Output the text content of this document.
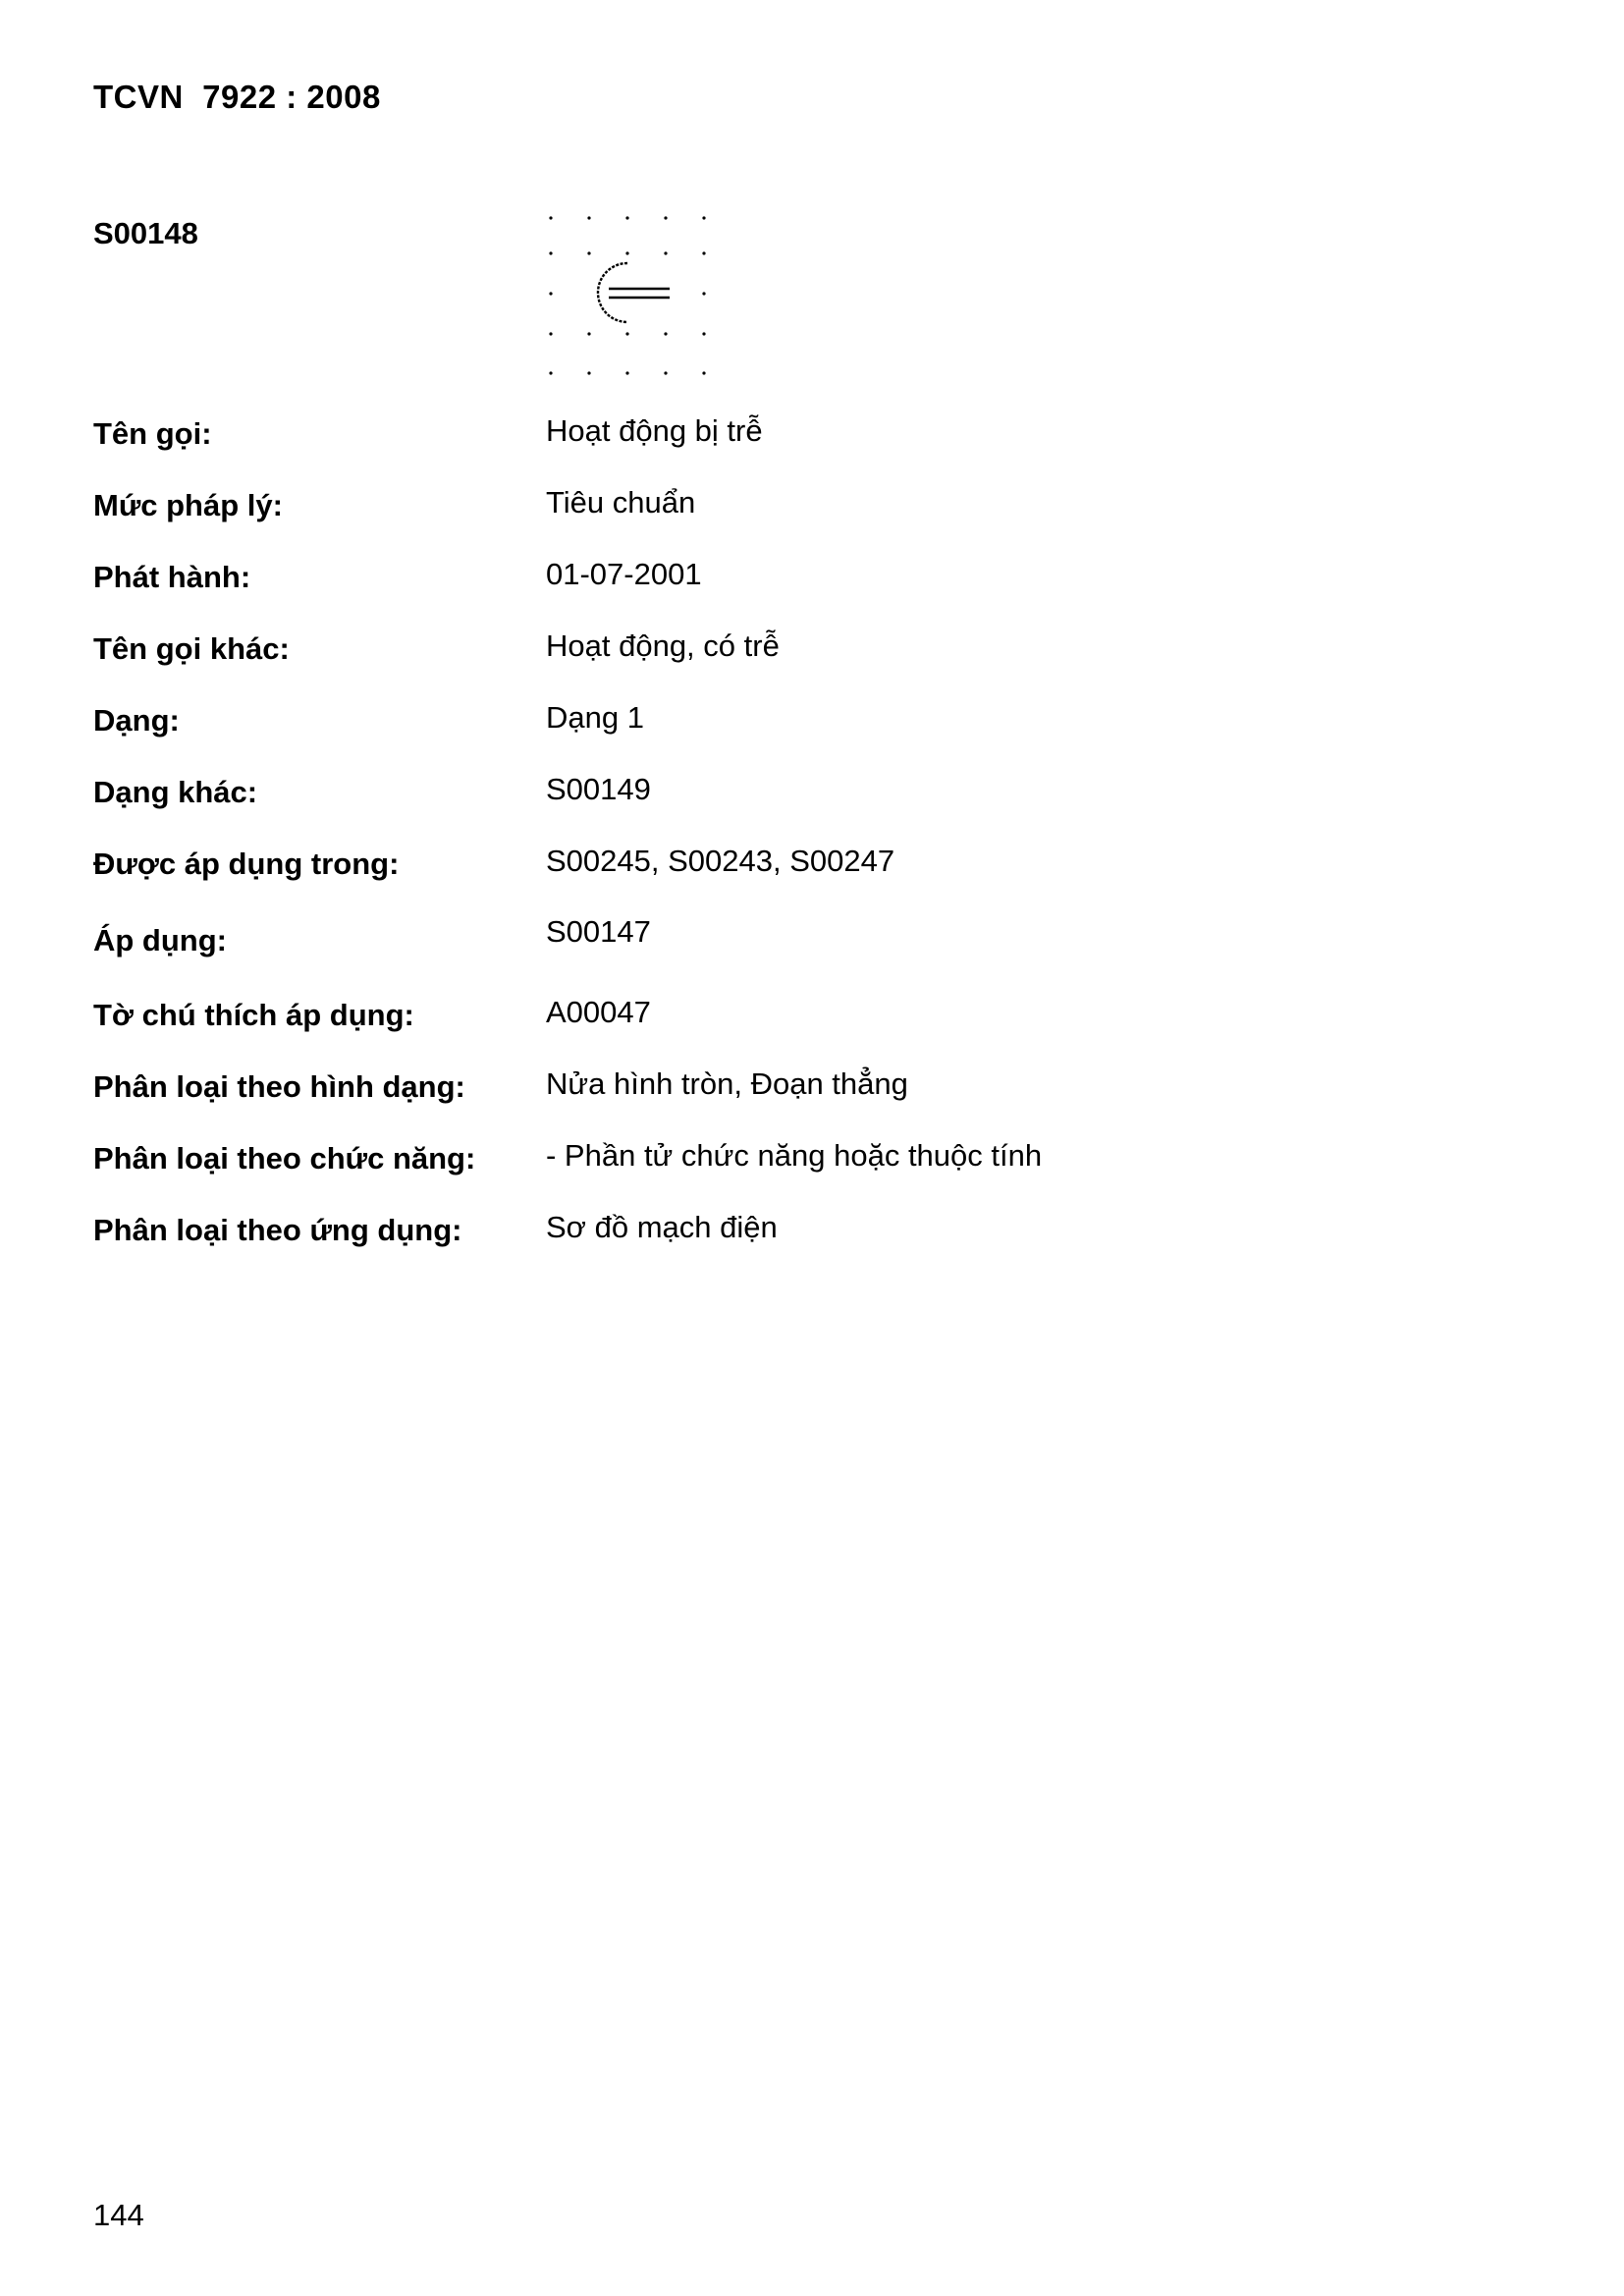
TCVN  7922 : 2008
S00148
Tên gọi:	Hoạt động bị trễ
Mức pháp lý:	Tiêu chuẩn
Phát hành:	01-07-2001
Tên gọi khác:	Hoạt động, có trễ
Dạng:	Dạng 1
Dạng khác:	S00149
Được áp dụng trong:	S00245, S00243, S00247
Áp dụng:	S00147
Tờ chú thích áp dụng:	A00047
Phân loại theo hình dạng:	Nửa hình tròn, Đoạn thẳng
Phân loại theo chức năng: - Phần tử chức năng hoặc thuộc tính
Phân loại theo ứng dụng:	Sơ đồ mạch điện
144
